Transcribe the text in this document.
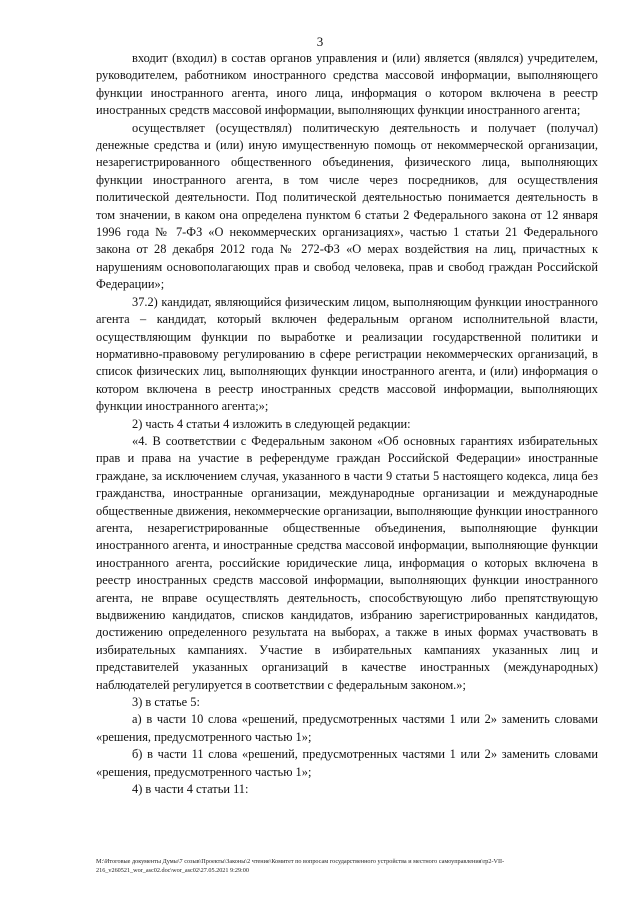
3

входит (входил) в состав органов управления и (или) является (являлся) учредителем, руководителем, работником иностранного средства массовой информации, выполняющего функции иностранного агента, иного лица, информация о котором включена в реестр иностранных средств массовой информации, выполняющих функции иностранного агента;

осуществляет (осуществлял) политическую деятельность и получает (получал) денежные средства и (или) иную имущественную помощь от некоммерческой организации, незарегистрированного общественного объединения, физического лица, выполняющих функции иностранного агента, в том числе через посредников, для осуществления политической деятельности. Под политической деятельностью понимается деятельность в том значении, в каком она определена пунктом 6 статьи 2 Федерального закона от 12 января 1996 года № 7-ФЗ «О некоммерческих организациях», частью 1 статьи 21 Федерального закона от 28 декабря 2012 года № 272-ФЗ «О мерах воздействия на лиц, причастных к нарушениям основополагающих прав и свобод человека, прав и свобод граждан Российской Федерации»;

37.2) кандидат, являющийся физическим лицом, выполняющим функции иностранного агента – кандидат, который включен федеральным органом исполнительной власти, осуществляющим функции по выработке и реализации государственной политики и нормативно-правовому регулированию в сфере регистрации некоммерческих организаций, в список физических лиц, выполняющих функции иностранного агента, и (или) информация о котором включена в реестр иностранных средств массовой информации, выполняющих функции иностранного агента;»;

2) часть 4 статьи 4 изложить в следующей редакции:

«4. В соответствии с Федеральным законом «Об основных гарантиях избирательных прав и права на участие в референдуме граждан Российской Федерации» иностранные граждане, за исключением случая, указанного в части 9 статьи 5 настоящего кодекса, лица без гражданства, иностранные организации, международные организации и международные общественные движения, некоммерческие организации, выполняющие функции иностранного агента, незарегистрированные общественные объединения, выполняющие функции иностранного агента, и иностранные средства массовой информации, выполняющие функции иностранного агента, российские юридические лица, информация о которых включена в реестр иностранных средств массовой информации, выполняющих функции иностранного агента, не вправе осуществлять деятельность, способствующую либо препятствующую выдвижению кандидатов, списков кандидатов, избранию зарегистрированных кандидатов, достижению определенного результата на выборах, а также в иных формах участвовать в избирательных кампаниях. Участие в избирательных кампаниях указанных лиц и представителей указанных организаций в качестве иностранных (международных) наблюдателей регулируется в соответствии с федеральным законом.»;

3) в статье 5:

а) в части 10 слова «решений, предусмотренных частями 1 или 2» заменить словами «решения, предусмотренного частью 1»;

б) в части 11 слова «решений, предусмотренных частями 1 или 2» заменить словами «решения, предусмотренного частью 1»;

4) в части 4 статьи 11:

M:\Итоговые документы Думы\7 созыв\Проекты\Законы\2 чтение\Комитет по вопросам государственного устройства и местного самоуправления\rp2-VII-216_v260521_wor_asc02.doc\wor_asc02\27.05.2021 9:29:00
